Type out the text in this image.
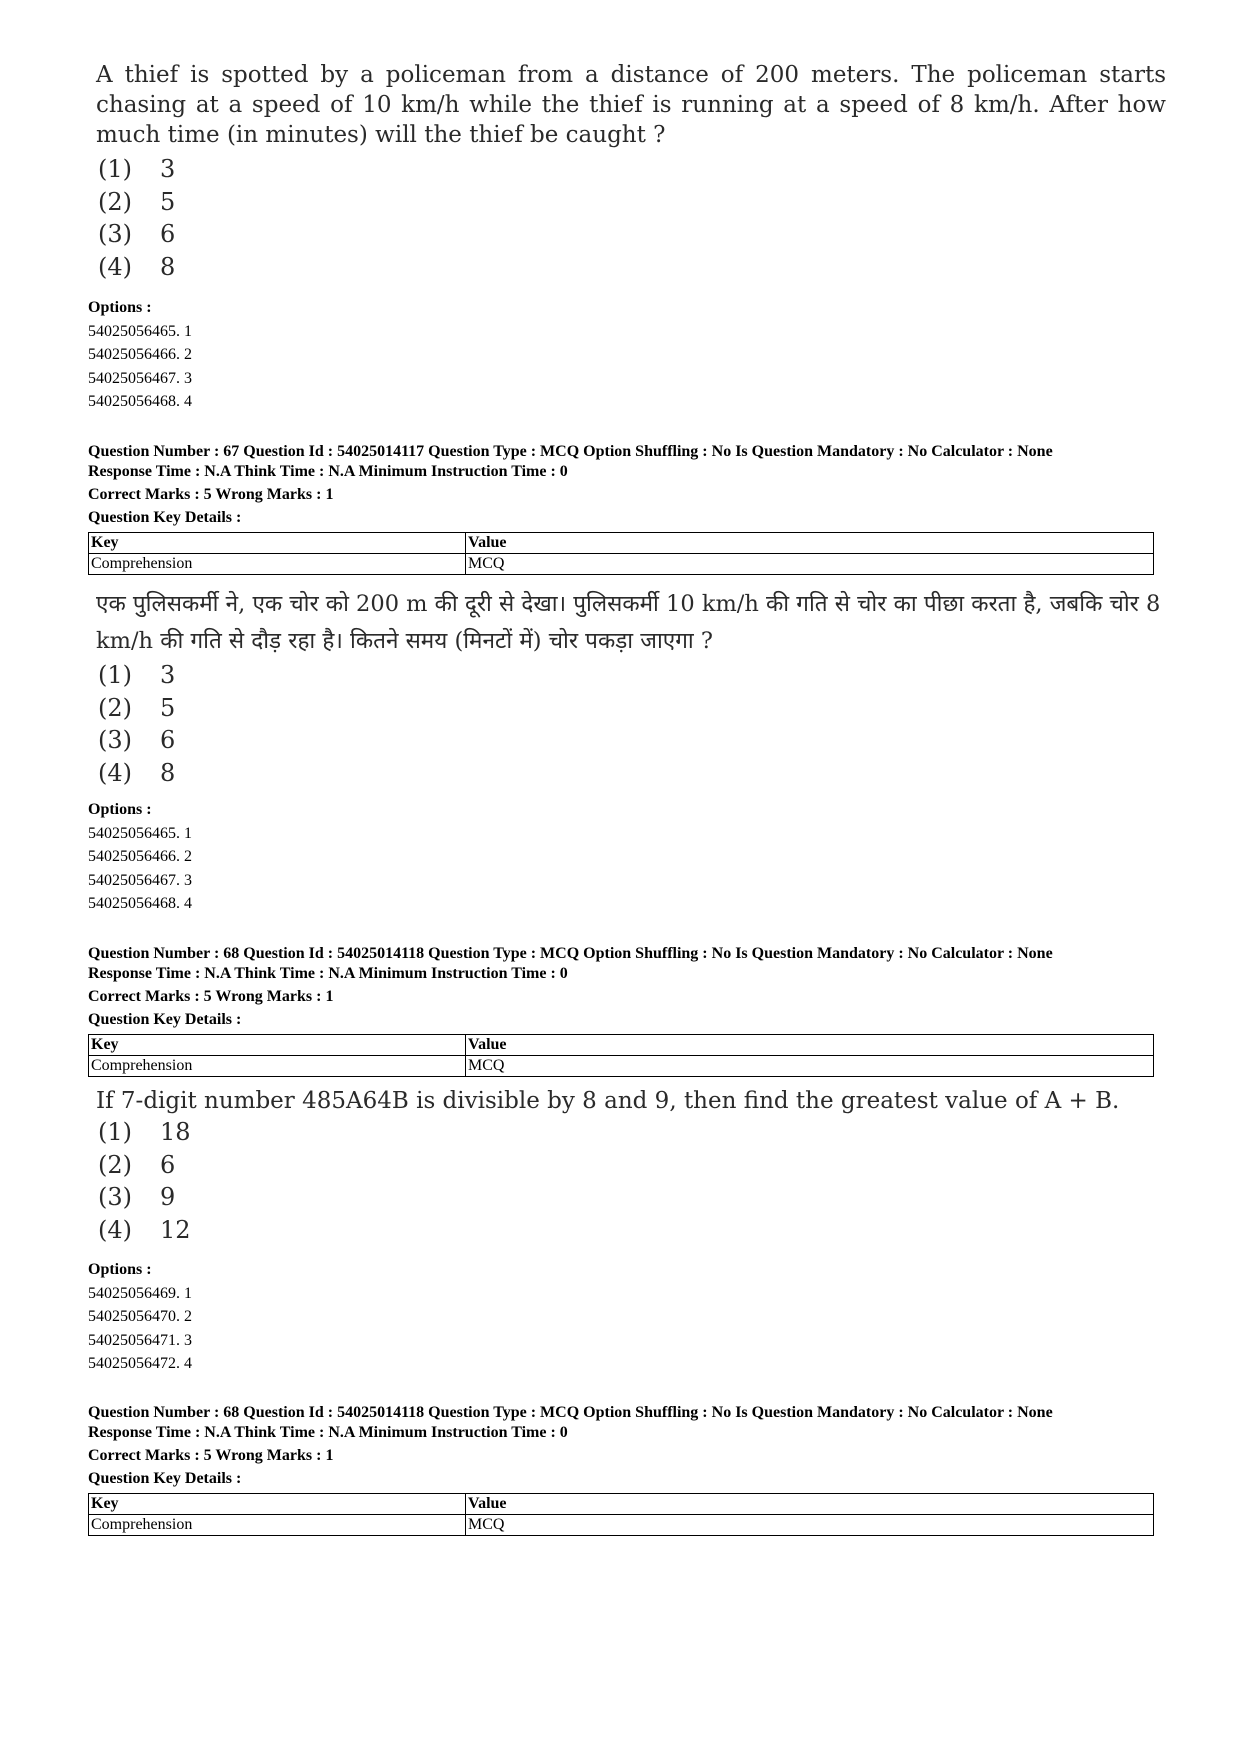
A thief is spotted by a policeman from a distance of 200 meters. The policeman starts chasing at a speed of 10 km/h while the thief is running at a speed of 8 km/h. After how much time (in minutes) will the thief be caught ?

(1) 3
(2) 5
(3) 6
(4) 8
Options :
54025056465. 1
54025056466. 2
54025056467. 3
54025056468. 4
Question Number : 67 Question Id : 54025014117 Question Type : MCQ Option Shuffling : No Is Question Mandatory : No Calculator : None
Response Time : N.A Think Time : N.A Minimum Instruction Time : 0
Correct Marks : 5 Wrong Marks : 1
Question Key Details :
Key	Value
Comprehension	MCQ

एक पुलिसकर्मी ने, एक चोर को 200 m की दूरी से देखा। पुलिसकर्मी 10 km/h की गति से चोर का पीछा करता है, जबकि चोर 8 km/h की गति से दौड़ रहा है। कितने समय (मिनटों में) चोर पकड़ा जाएगा ?

(1) 3
(2) 5
(3) 6
(4) 8
Options :
54025056465. 1
54025056466. 2
54025056467. 3
54025056468. 4
Question Number : 68 Question Id : 54025014118 Question Type : MCQ Option Shuffling : No Is Question Mandatory : No Calculator : None
Response Time : N.A Think Time : N.A Minimum Instruction Time : 0
Correct Marks : 5 Wrong Marks : 1
Question Key Details :
Key	Value
Comprehension	MCQ

If 7-digit number 485A64B is divisible by 8 and 9, then find the greatest value of A + B.

(1) 18
(2) 6
(3) 9
(4) 12
Options :
54025056469. 1
54025056470. 2
54025056471. 3
54025056472. 4
Question Number : 68 Question Id : 54025014118 Question Type : MCQ Option Shuffling : No Is Question Mandatory : No Calculator : None
Response Time : N.A Think Time : N.A Minimum Instruction Time : 0
Correct Marks : 5 Wrong Marks : 1
Question Key Details :
Key	Value
Comprehension	MCQ
